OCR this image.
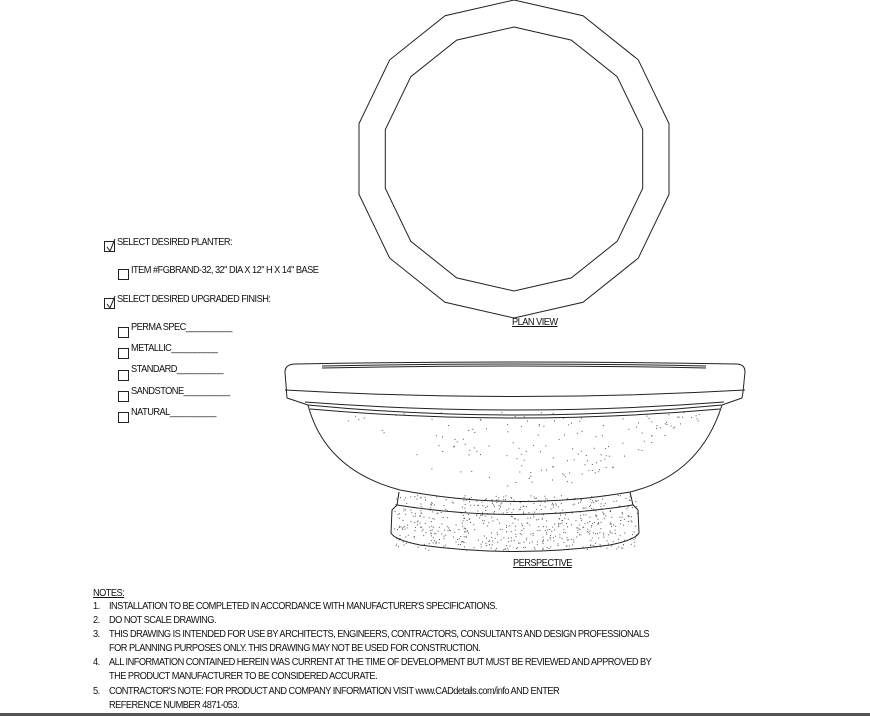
PLAN VIEW
PERSPECTIVE
SELECT DESIRED PLANTER:
ITEM #FGBRAND-32, 32" DIA X 12" H X 14" BASE
SELECT DESIRED UPGRADED FINISH:
PERMA SPEC__________
METALLIC__________
STANDARD__________
SANDSTONE__________
NATURAL__________
NOTES:
1. INSTALLATION TO BE COMPLETED IN ACCORDANCE WITH MANUFACTURER'S SPECIFICATIONS.
2. DO NOT SCALE DRAWING.
3. THIS DRAWING IS INTENDED FOR USE BY ARCHITECTS, ENGINEERS, CONTRACTORS, CONSULTANTS AND DESIGN PROFESSIONALS
FOR PLANNING PURPOSES ONLY. THIS DRAWING MAY NOT BE USED FOR CONSTRUCTION.
4. ALL INFORMATION CONTAINED HEREIN WAS CURRENT AT THE TIME OF DEVELOPMENT BUT MUST BE REVIEWED AND APPROVED BY
THE PRODUCT MANUFACTURER TO BE CONSIDERED ACCURATE.
5. CONTRACTOR'S NOTE: FOR PRODUCT AND COMPANY INFORMATION VISIT www.CADdetails.com/info AND ENTER
REFERENCE NUMBER 4871-053.
